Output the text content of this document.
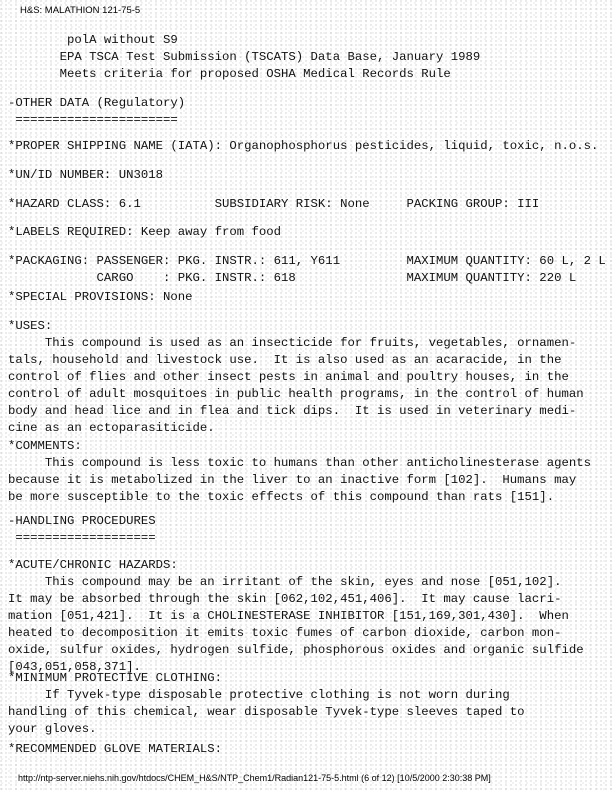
H&S: MALATHION 121-75-5
polA without S9
EPA TSCA Test Submission (TSCATS) Data Base, January 1989
Meets criteria for proposed OSHA Medical Records Rule
-OTHER DATA (Regulatory)
======================
*PROPER SHIPPING NAME (IATA): Organophosphorus pesticides, liquid, toxic, n.o.s.
*UN/ID NUMBER: UN3018
*HAZARD CLASS: 6.1          SUBSIDIARY RISK: None     PACKING GROUP: III
*LABELS REQUIRED: Keep away from food
*PACKAGING: PASSENGER: PKG. INSTR.: 611, Y611         MAXIMUM QUANTITY: 60 L, 2 L
CARGO    : PKG. INSTR.: 618               MAXIMUM QUANTITY: 220 L
*SPECIAL PROVISIONS: None
*USES:
This compound is used as an insecticide for fruits, vegetables, ornamen-
tals, household and livestock use.  It is also used as an acaracide, in the
control of flies and other insect pests in animal and poultry houses, in the
control of adult mosquitoes in public health programs, in the control of human
body and head lice and in flea and tick dips.  It is used in veterinary medi-
cine as an ectoparasiticide.
*COMMENTS:
This compound is less toxic to humans than other anticholinesterase agents
because it is metabolized in the liver to an inactive form [102].  Humans may
be more susceptible to the toxic effects of this compound than rats [151].
-HANDLING PROCEDURES
===================
*ACUTE/CHRONIC HAZARDS:
This compound may be an irritant of the skin, eyes and nose [051,102].
It may be absorbed through the skin [062,102,451,406].  It may cause lacri-
mation [051,421].  It is a CHOLINESTERASE INHIBITOR [151,169,301,430].  When
heated to decomposition it emits toxic fumes of carbon dioxide, carbon mon-
oxide, sulfur oxides, hydrogen sulfide, phosphorous oxides and organic sulfide
[043,051,058,371].
*MINIMUM PROTECTIVE CLOTHING:
If Tyvek-type disposable protective clothing is not worn during
handling of this chemical, wear disposable Tyvek-type sleeves taped to
your gloves.
*RECOMMENDED GLOVE MATERIALS:
http://ntp-server.niehs.nih.gov/htdocs/CHEM_H&S/NTP_Chem1/Radian121-75-5.html (6 of 12) [10/5/2000 2:30:38 PM]
